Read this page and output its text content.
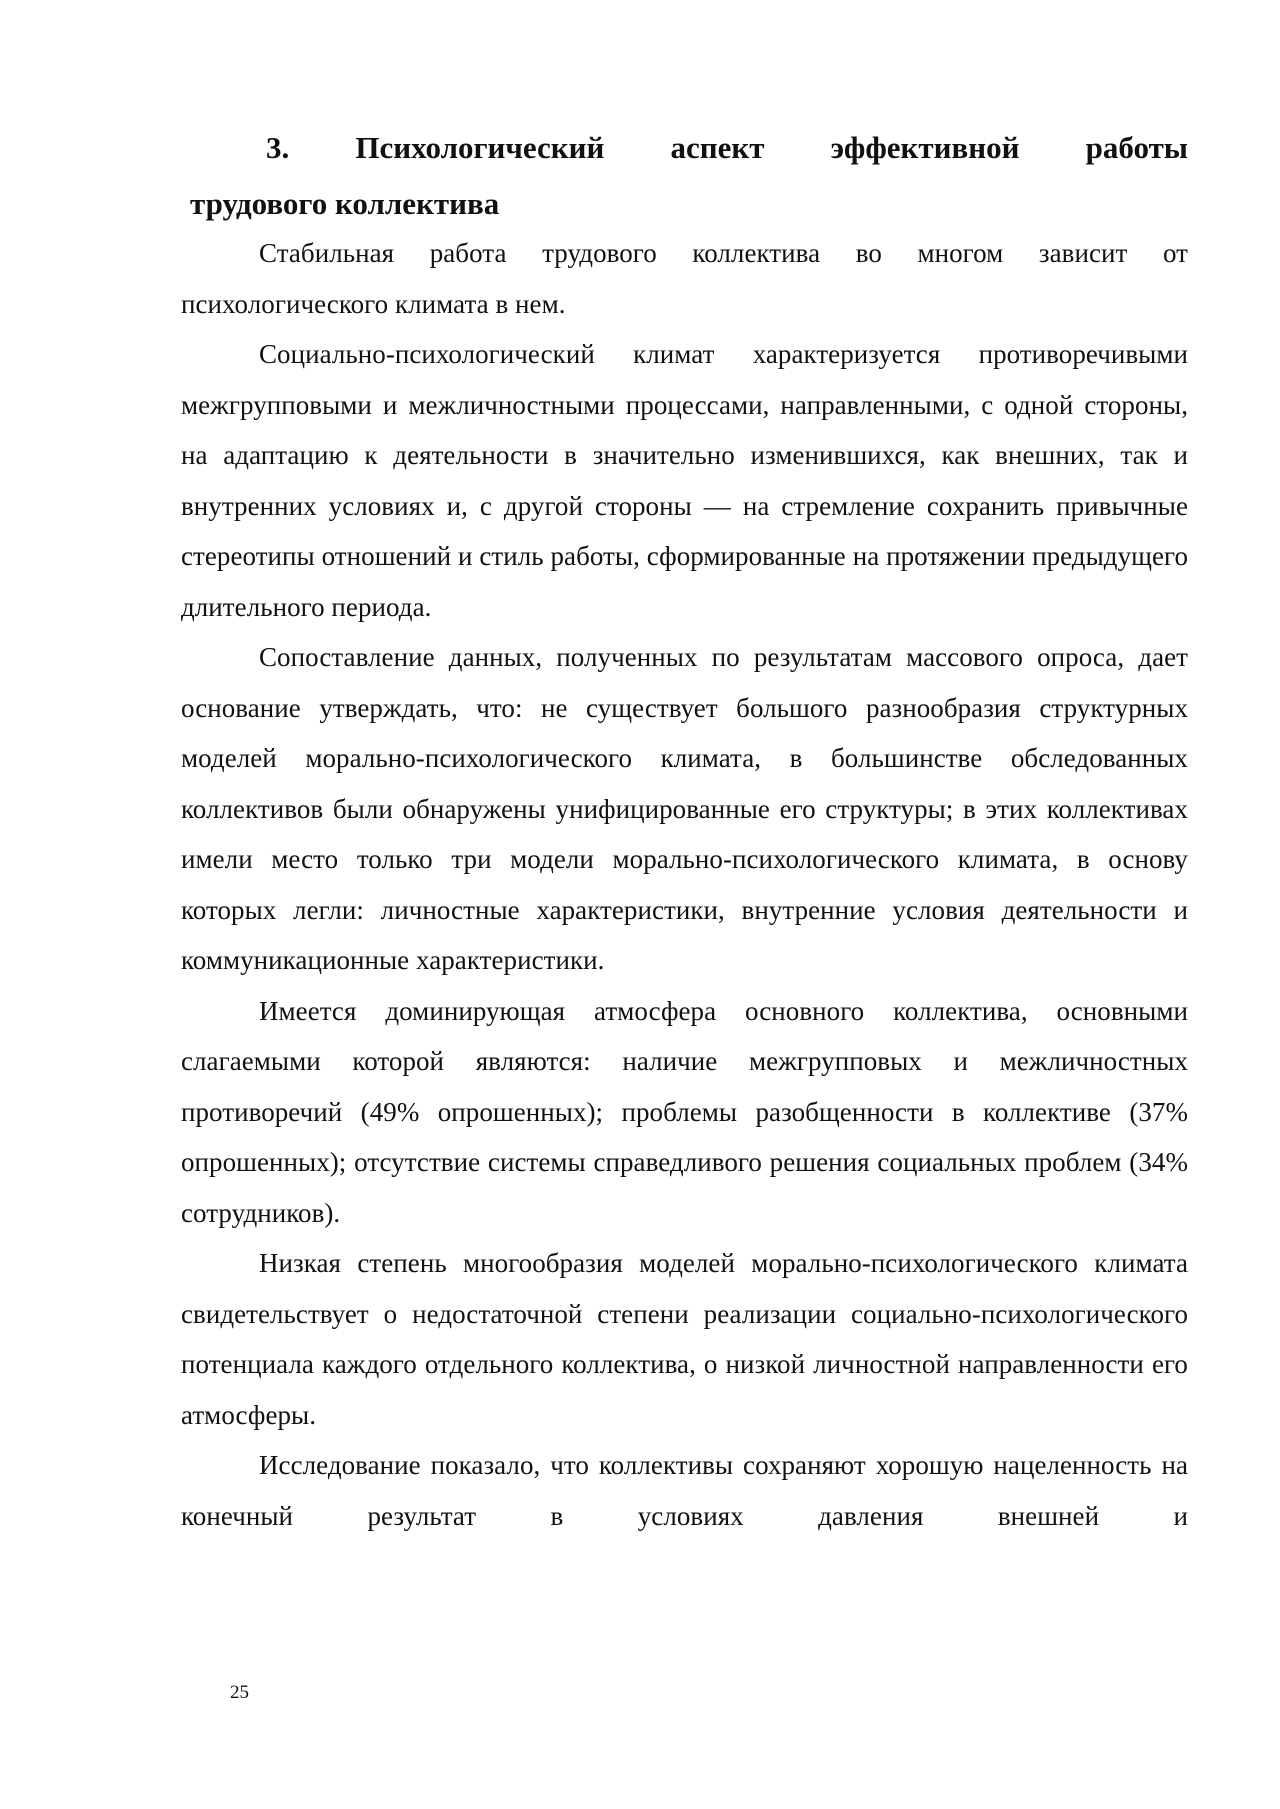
3. Психологический аспект эффективной работы
трудового коллектива

Стабильная работа трудового коллектива во многом зависит от психологического климата в нем.

Социально-психологический климат характеризуется противоречивыми межгрупповыми и межличностными процессами, направленными, с одной стороны, на адаптацию к деятельности в значительно изменившихся, как внешних, так и внутренних условиях и, с другой стороны — на стремление сохранить привычные стереотипы отношений и стиль работы, сформированные на протяжении предыдущего длительного периода.

Сопоставление данных, полученных по результатам массового опроса, дает основание утверждать, что: не существует большого разнообразия структурных моделей морально-психологического климата, в большинстве обследованных коллективов были обнаружены унифицированные его структуры; в этих коллективах имели место только три модели морально-психологического климата, в основу которых легли: личностные характеристики, внутренние условия деятельности и коммуникационные характеристики.

Имеется доминирующая атмосфера основного коллектива, основными слагаемыми которой являются: наличие межгрупповых и межличностных противоречий (49% опрошенных); проблемы разобщенности в коллективе (37% опрошенных); отсутствие системы справедливого решения социальных проблем (34% сотрудников).

Низкая степень многообразия моделей морально-психологического климата свидетельствует о недостаточной степени реализации социально-психологического потенциала каждого отдельного коллектива, о низкой личностной направленности его атмосферы.

Исследование показало, что коллективы сохраняют хорошую нацеленность на конечный результат в условиях давления внешней и

25
